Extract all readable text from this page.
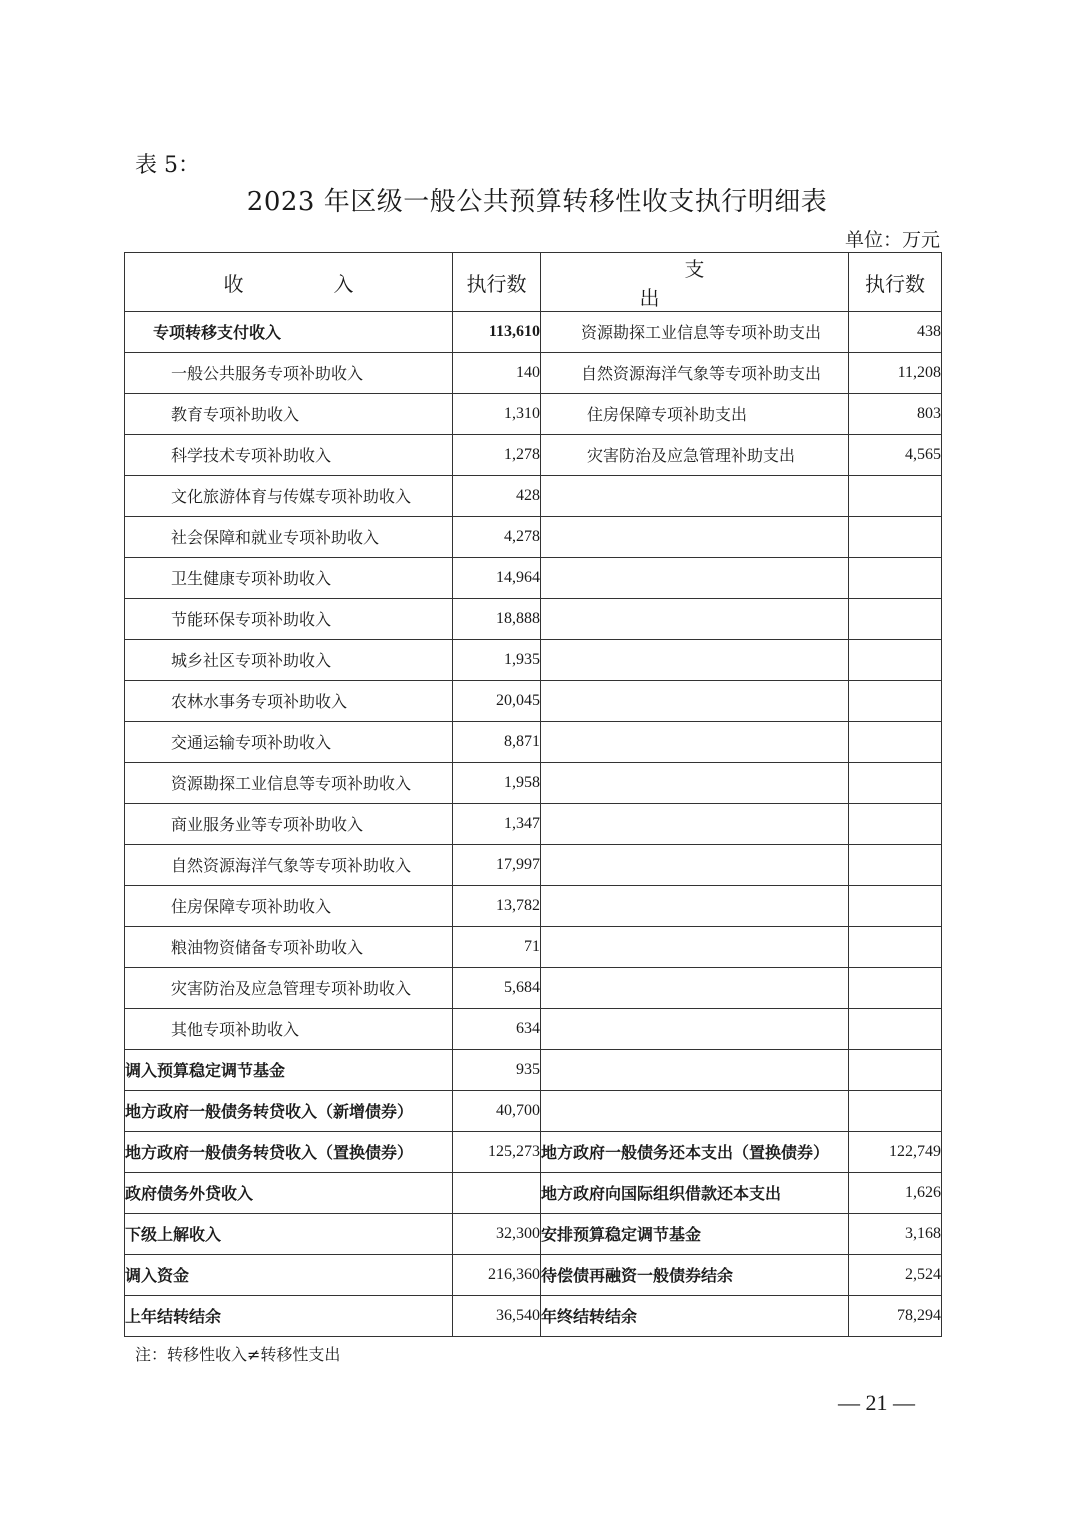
表 5：
2023 年区级一般公共预算转移性收支执行明细表
单位：万元
收入	执行数	支出	执行数
专项转移支付收入	113,610	资源勘探工业信息等专项补助支出	438
一般公共服务专项补助收入	140	自然资源海洋气象等专项补助支出	11,208
教育专项补助收入	1,310	住房保障专项补助支出	803
科学技术专项补助收入	1,278	灾害防治及应急管理补助支出	4,565
文化旅游体育与传媒专项补助收入	428		
社会保障和就业专项补助收入	4,278		
卫生健康专项补助收入	14,964		
节能环保专项补助收入	18,888		
城乡社区专项补助收入	1,935		
农林水事务专项补助收入	20,045		
交通运输专项补助收入	8,871		
资源勘探工业信息等专项补助收入	1,958		
商业服务业等专项补助收入	1,347		
自然资源海洋气象等专项补助收入	17,997		
住房保障专项补助收入	13,782		
粮油物资储备专项补助收入	71		
灾害防治及应急管理专项补助收入	5,684		
其他专项补助收入	634		
调入预算稳定调节基金	935		
地方政府一般债务转贷收入（新增债券）	40,700		
地方政府一般债务转贷收入（置换债券）	125,273	地方政府一般债务还本支出（置换债券）	122,749
政府债务外贷收入		地方政府向国际组织借款还本支出	1,626
下级上解收入	32,300	安排预算稳定调节基金	3,168
调入资金	216,360	待偿债再融资一般债券结余	2,524
上年结转结余	36,540	年终结转结余	78,294
注：转移性收入≠转移性支出
— 21 —
